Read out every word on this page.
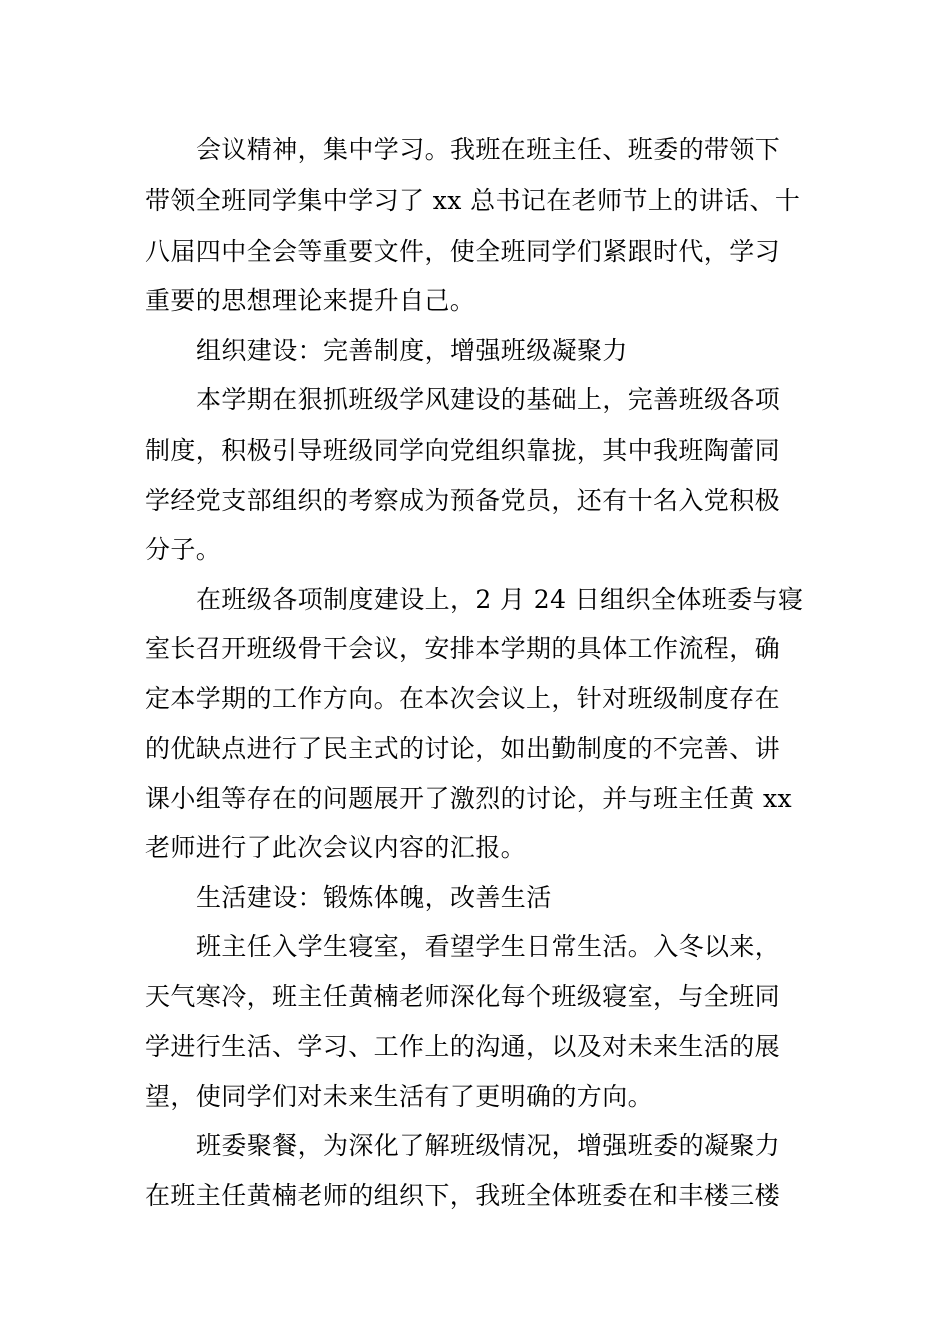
会议精神，集中学习。我班在班主任、班委的带领下
带领全班同学集中学习了 xx 总书记在老师节上的讲话、十
八届四中全会等重要文件，使全班同学们紧跟时代，学习
重要的思想理论来提升自己。
组织建设：完善制度，增强班级凝聚力
本学期在狠抓班级学风建设的基础上，完善班级各项
制度，积极引导班级同学向党组织靠拢，其中我班陶蕾同
学经党支部组织的考察成为预备党员，还有十名入党积极
分子。
在班级各项制度建设上，2 月 24 日组织全体班委与寝
室长召开班级骨干会议，安排本学期的具体工作流程，确
定本学期的工作方向。在本次会议上，针对班级制度存在
的优缺点进行了民主式的讨论，如出勤制度的不完善、讲
课小组等存在的问题展开了激烈的讨论，并与班主任黄 xx
老师进行了此次会议内容的汇报。
生活建设：锻炼体魄，改善生活
班主任入学生寝室，看望学生日常生活。入冬以来，
天气寒冷，班主任黄楠老师深化每个班级寝室，与全班同
学进行生活、学习、工作上的沟通，以及对未来生活的展
望，使同学们对未来生活有了更明确的方向。
班委聚餐，为深化了解班级情况，增强班委的凝聚力
在班主任黄楠老师的组织下，我班全体班委在和丰楼三楼
